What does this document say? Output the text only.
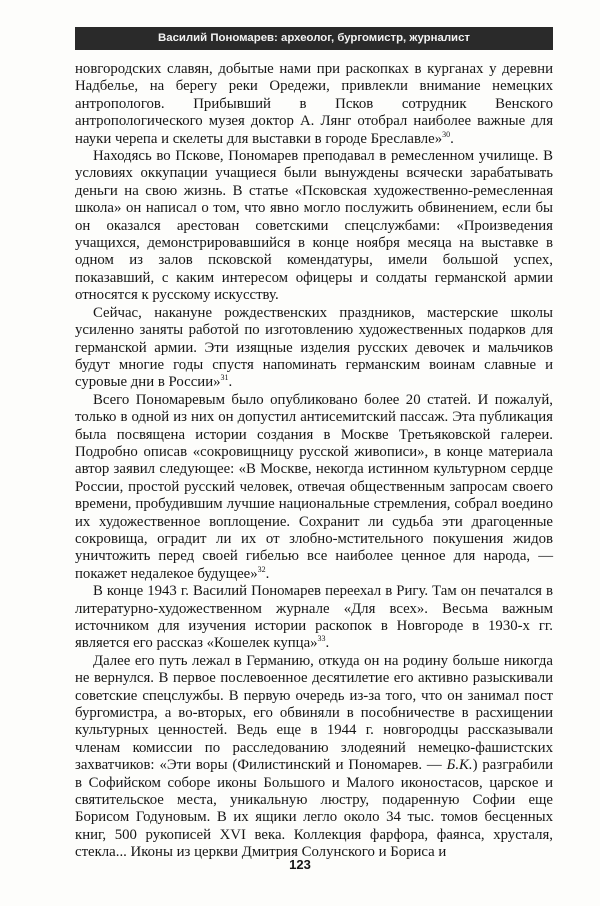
Василий Пономарев: археолог, бургомистр, журналист

новгородских славян, добытые нами при раскопках в курганах у деревни Надбелье, на берегу реки Оредежи, привлекли внимание немецких антропологов. Прибывший в Псков сотрудник Венского антропологического музея доктор А. Лянг отобрал наиболее важные для науки черепа и скелеты для выставки в городе Бреславле»$^{30}$.

Находясь во Пскове, Пономарев преподавал в ремесленном училище. В условиях оккупации учащиеся были вынуждены всячески зарабатывать деньги на свою жизнь. В статье «Псковская художественно-ремесленная школа» он написал о том, что явно могло послужить обвинением, если бы он оказался арестован советскими спецслужбами: «Произведения учащихся, демонстрировавшийся в конце ноября месяца на выставке в одном из залов псковской комендатуры, имели большой успех, показавший, с каким интересом офицеры и солдаты германской армии относятся к русскому искусству.

Сейчас, накануне рождественских праздников, мастерские школы усиленно заняты работой по изготовлению художественных подарков для германской армии. Эти изящные изделия русских девочек и мальчиков будут многие годы спустя напоминать германским воинам славные и суровые дни в России»$^{31}$.

Всего Пономаревым было опубликовано более 20 статей. И пожалуй, только в одной из них он допустил антисемитский пассаж. Эта публикация была посвящена истории создания в Москве Третьяковской галереи. Подробно описав «сокровищницу русской живописи», в конце материала автор заявил следующее: «В Москве, некогда истинном культурном сердце России, простой русский человек, отвечая общественным запросам своего времени, пробудившим лучшие национальные стремления, собрал воедино их художественное воплощение. Сохранит ли судьба эти драгоценные сокровища, оградит ли их от злобно-мстительного покушения жидов уничтожить перед своей гибелью все наиболее ценное для народа, — покажет недалекое будущее»$^{32}$.

В конце 1943 г. Василий Пономарев переехал в Ригу. Там он печатался в литературно-художественном журнале «Для всех». Весьма важным источником для изучения истории раскопок в Новгороде в 1930-х гг. является его рассказ «Кошелек купца»$^{33}$.

Далее его путь лежал в Германию, откуда он на родину больше никогда не вернулся. В первое послевоенное десятилетие его активно разыскивали советские спецслужбы. В первую очередь из-за того, что он занимал пост бургомистра, а во-вторых, его обвиняли в пособничестве в расхищении культурных ценностей. Ведь еще в 1944 г. новгородцы рассказывали членам комиссии по расследованию злодеяний немецко-фашистских захватчиков: «Эти воры (Филистинский и Пономарев. — Б.К.) разграбили в Софийском соборе иконы Большого и Малого иконостасов, царское и святительское места, уникальную люстру, подаренную Софии еще Борисом Годуновым. В их ящики легло около 34 тыс. томов бесценных книг, 500 рукописей XVI века. Коллекция фарфора, фаянса, хрусталя, стекла... Иконы из церкви Дмитрия Солунского и Бориса и

123
